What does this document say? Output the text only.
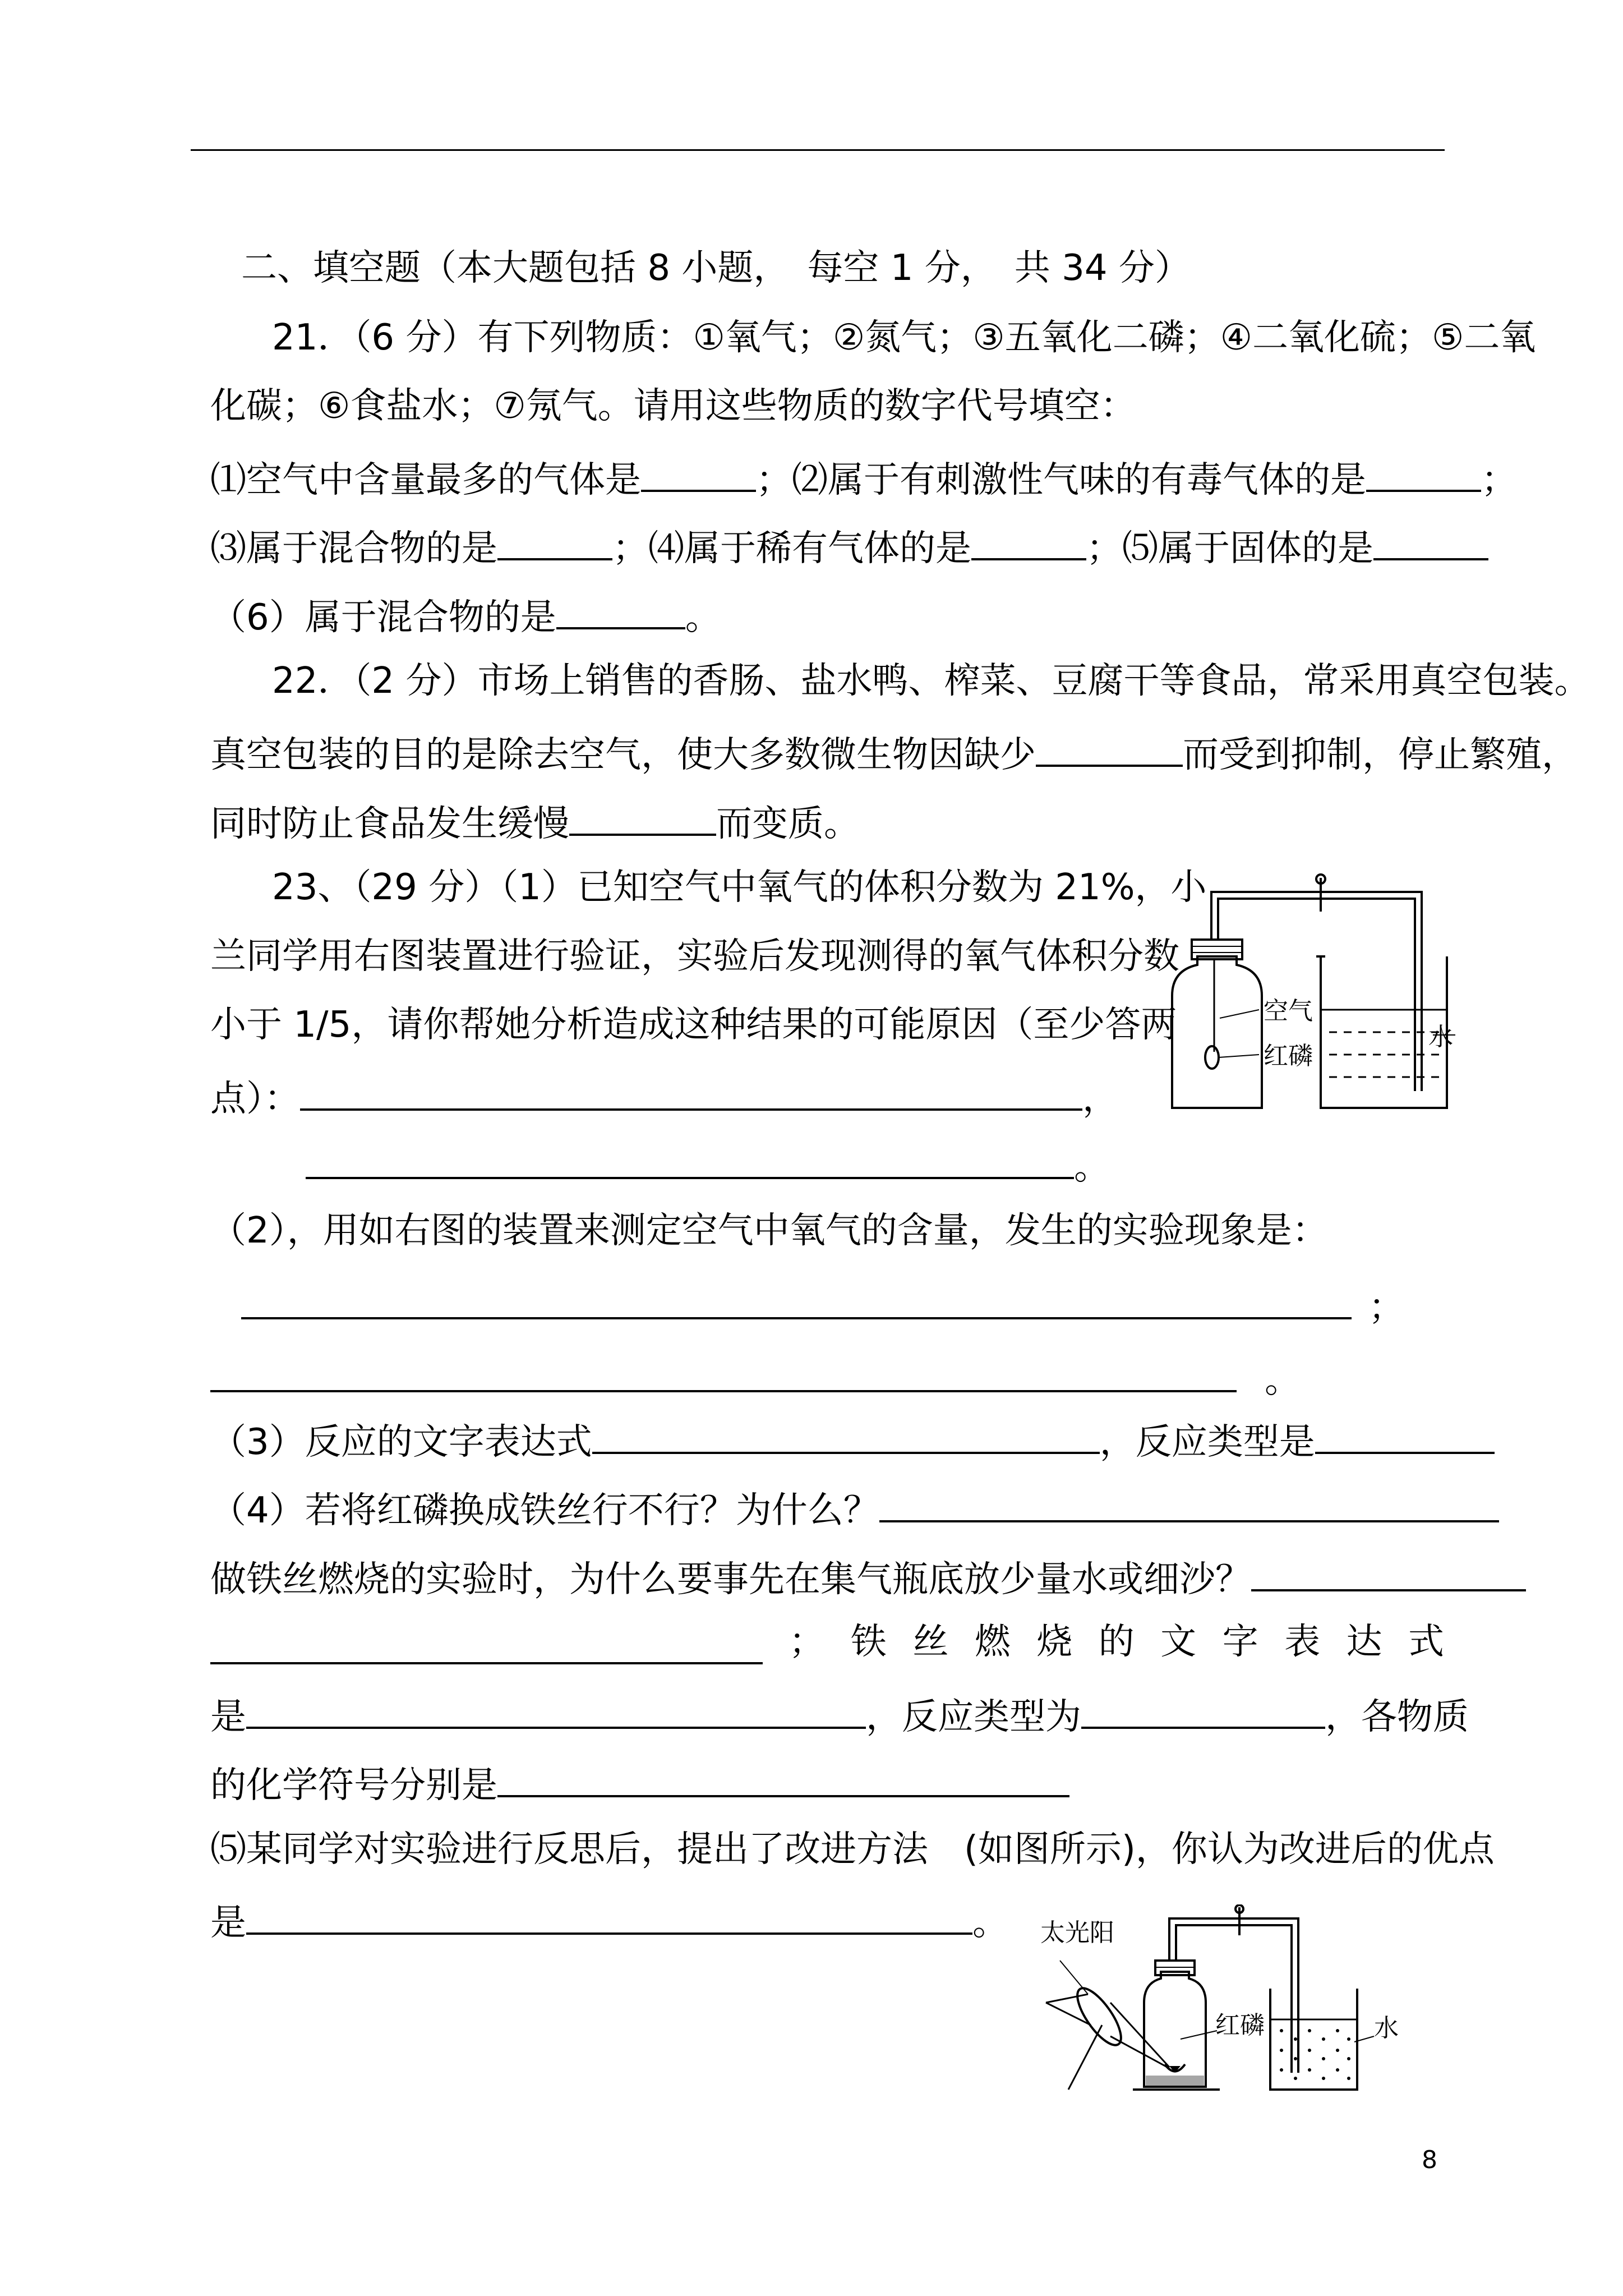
二、填空题（本大题包括 8 小题，　每空 1 分，　共 34 分）
21．（6 分）有下列物质：①氧气；②氮气；③五氧化二磷；④二氧化硫；⑤二氧
化碳；⑥食盐水；⑦氖气。请用这些物质的数字代号填空：
⑴空气中含量最多的气体是	；⑵属于有刺激性气味的有毒气体的是	；
⑶属于混合物的是	；⑷属于稀有气体的是	；⑸属于固体的是
（6）属于混合物的是	。
22．（2 分）市场上销售的香肠、盐水鸭、榨菜、豆腐干等食品，常采用真空包装。
真空包装的目的是除去空气，使大多数微生物因缺少	而受到抑制，停止繁殖，
同时防止食品发生缓慢	而变质。
23、（29 分）（1）已知空气中氧气的体积分数为 21%，小
兰同学用右图装置进行验证，实验后发现测得的氧气体积分数
小于 1/5，请你帮她分析造成这种结果的可能原因（至少答两
点）：	，
。
空气
红磷
水
（2），用如右图的装置来测定空气中氧气的含量，发生的实验现象是：
；
。
（3）反应的文字表达式	，反应类型是
（4）若将红磷换成铁丝行不行？为什么？
做铁丝燃烧的实验时，为什么要事先在集气瓶底放少量水或细沙？
； 铁 丝 燃 烧 的 文 字 表 达 式
是	，反应类型为	，各物质
的化学符号分别是
⑸某同学对实验进行反思后，提出了改进方法　(如图所示)，你认为改进后的优点
是	。 太光阳
红磷	水
8
